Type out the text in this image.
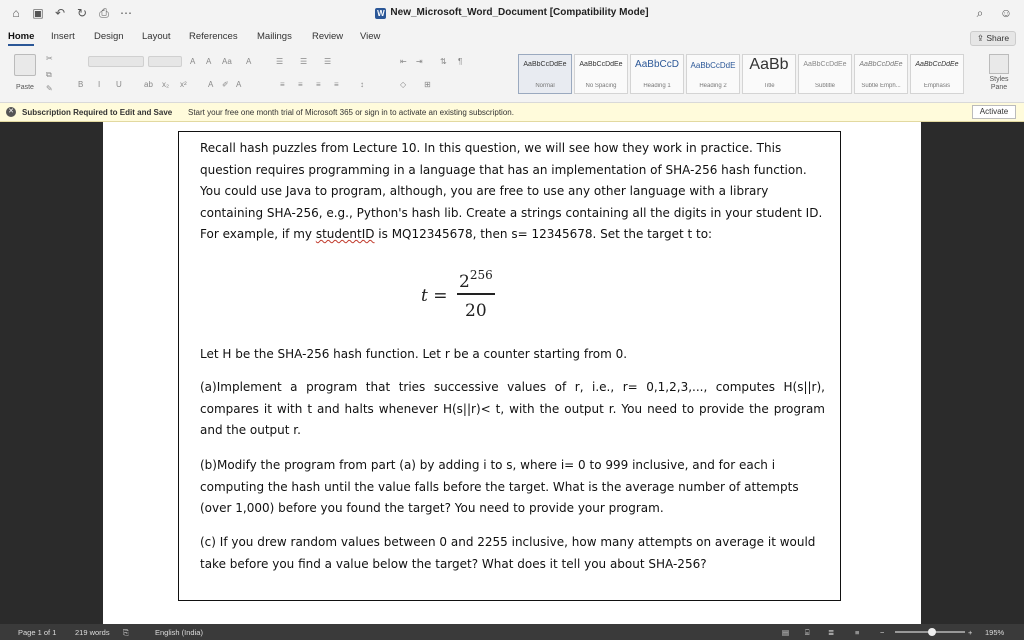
⌂	▣ ↶ ↻ ⎙ ⋯	W New_Microsoft_Word_Document [Compatibility Mode]	⌕	☺
Home Insert Design Layout References Mailings Review View	⇪ Share
Paste
✂
⧉
✎
A A Aa A
B I U	ab x₂ x²	A ✐ A
☰ ☰ ☰	⇤ ⇥ ⇅ ¶
≡ ≡ ≡ ≡	↕	◇ ⊞
AaBbCcDdEe
Normal
AaBbCcDdEe
No Spacing
AaBbCcD
Heading 1
AaBbCcDdE
Heading 2
AaBb
Title
AaBbCcDdEe
Subtitle
AaBbCcDdEe
Subtle Emph...
AaBbCcDdEe
Emphasis
Styles Pane
✕ Subscription Required to Edit and Save Start your free one month trial of Microsoft 365 or sign in to activate an existing subscription.	Activate
Recall hash puzzles from Lecture 10. In this question, we will see how they work in practice. This question requires programming in a language that has an implementation of SHA-256 hash function. You could use Java to program, although, you are free to use any other language with a library containing SHA-256, e.g., Python's hash lib. Create a strings containing all the digits in your student ID. For example, if my studentID is MQ12345678, then s= 12345678. Set the target t to:
t =
$2^{256}$
20
Let H be the SHA-256 hash function. Let r be a counter starting from 0.
(a)Implement a program that tries successive values of r, i.e., r= 0,1,2,3,..., computes H(s||r), compares it with t and halts whenever H(s||r)< t, with the output r. You need to provide the program and the output r.
(b)Modify the program from part (a) by adding i to s, where i= 0 to 999 inclusive, and for each i computing the hash until the value falls before the target. What is the average number of attempts (over 1,000) before you found the target? You need to provide your program.
(c) If you drew random values between 0 and 2255 inclusive, how many attempts on average it would take before you find a value below the target? What does it tell you about SHA-256?
Page 1 of 1 219 words ⎘	English (India)	▤ ⌸ ≣	≡	−	+ 195%
